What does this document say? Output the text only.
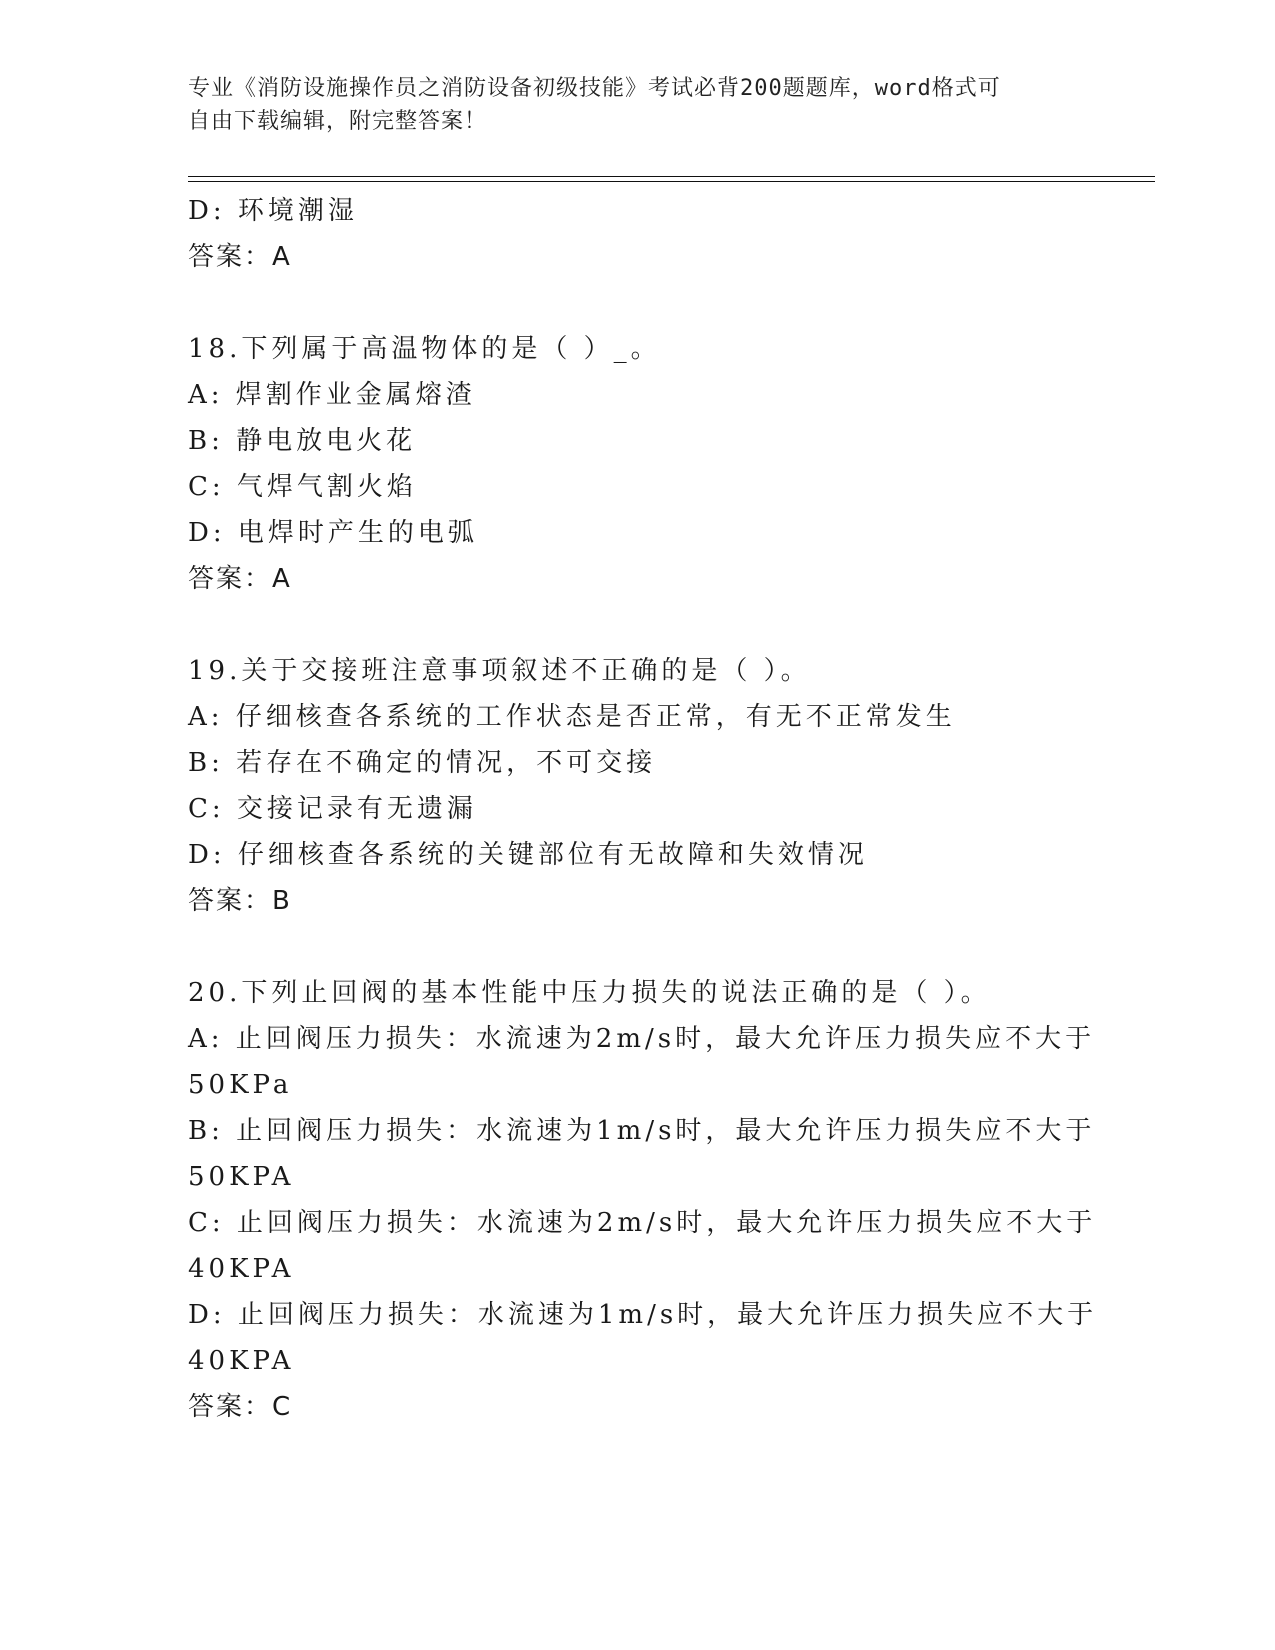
专业《消防设施操作员之消防设备初级技能》考试必背200题题库，word格式可
自由下载编辑，附完整答案！
D: 环境潮湿
答案：A
18.下列属于高温物体的是（ ）_。
A: 焊割作业金属熔渣
B: 静电放电火花
C: 气焊气割火焰
D: 电焊时产生的电弧
答案：A
19.关于交接班注意事项叙述不正确的是（ ）。
A: 仔细核查各系统的工作状态是否正常，有无不正常发生
B: 若存在不确定的情况，不可交接
C: 交接记录有无遗漏
D: 仔细核查各系统的关键部位有无故障和失效情况
答案：B
20.下列止回阀的基本性能中压力损失的说法正确的是（ ）。
A: 止回阀压力损失：水流速为2m/s时，最大允许压力损失应不大于
50KPa
B: 止回阀压力损失：水流速为1m/s时，最大允许压力损失应不大于
50KPA
C: 止回阀压力损失：水流速为2m/s时，最大允许压力损失应不大于
40KPA
D: 止回阀压力损失：水流速为1m/s时，最大允许压力损失应不大于
40KPA
答案：C
